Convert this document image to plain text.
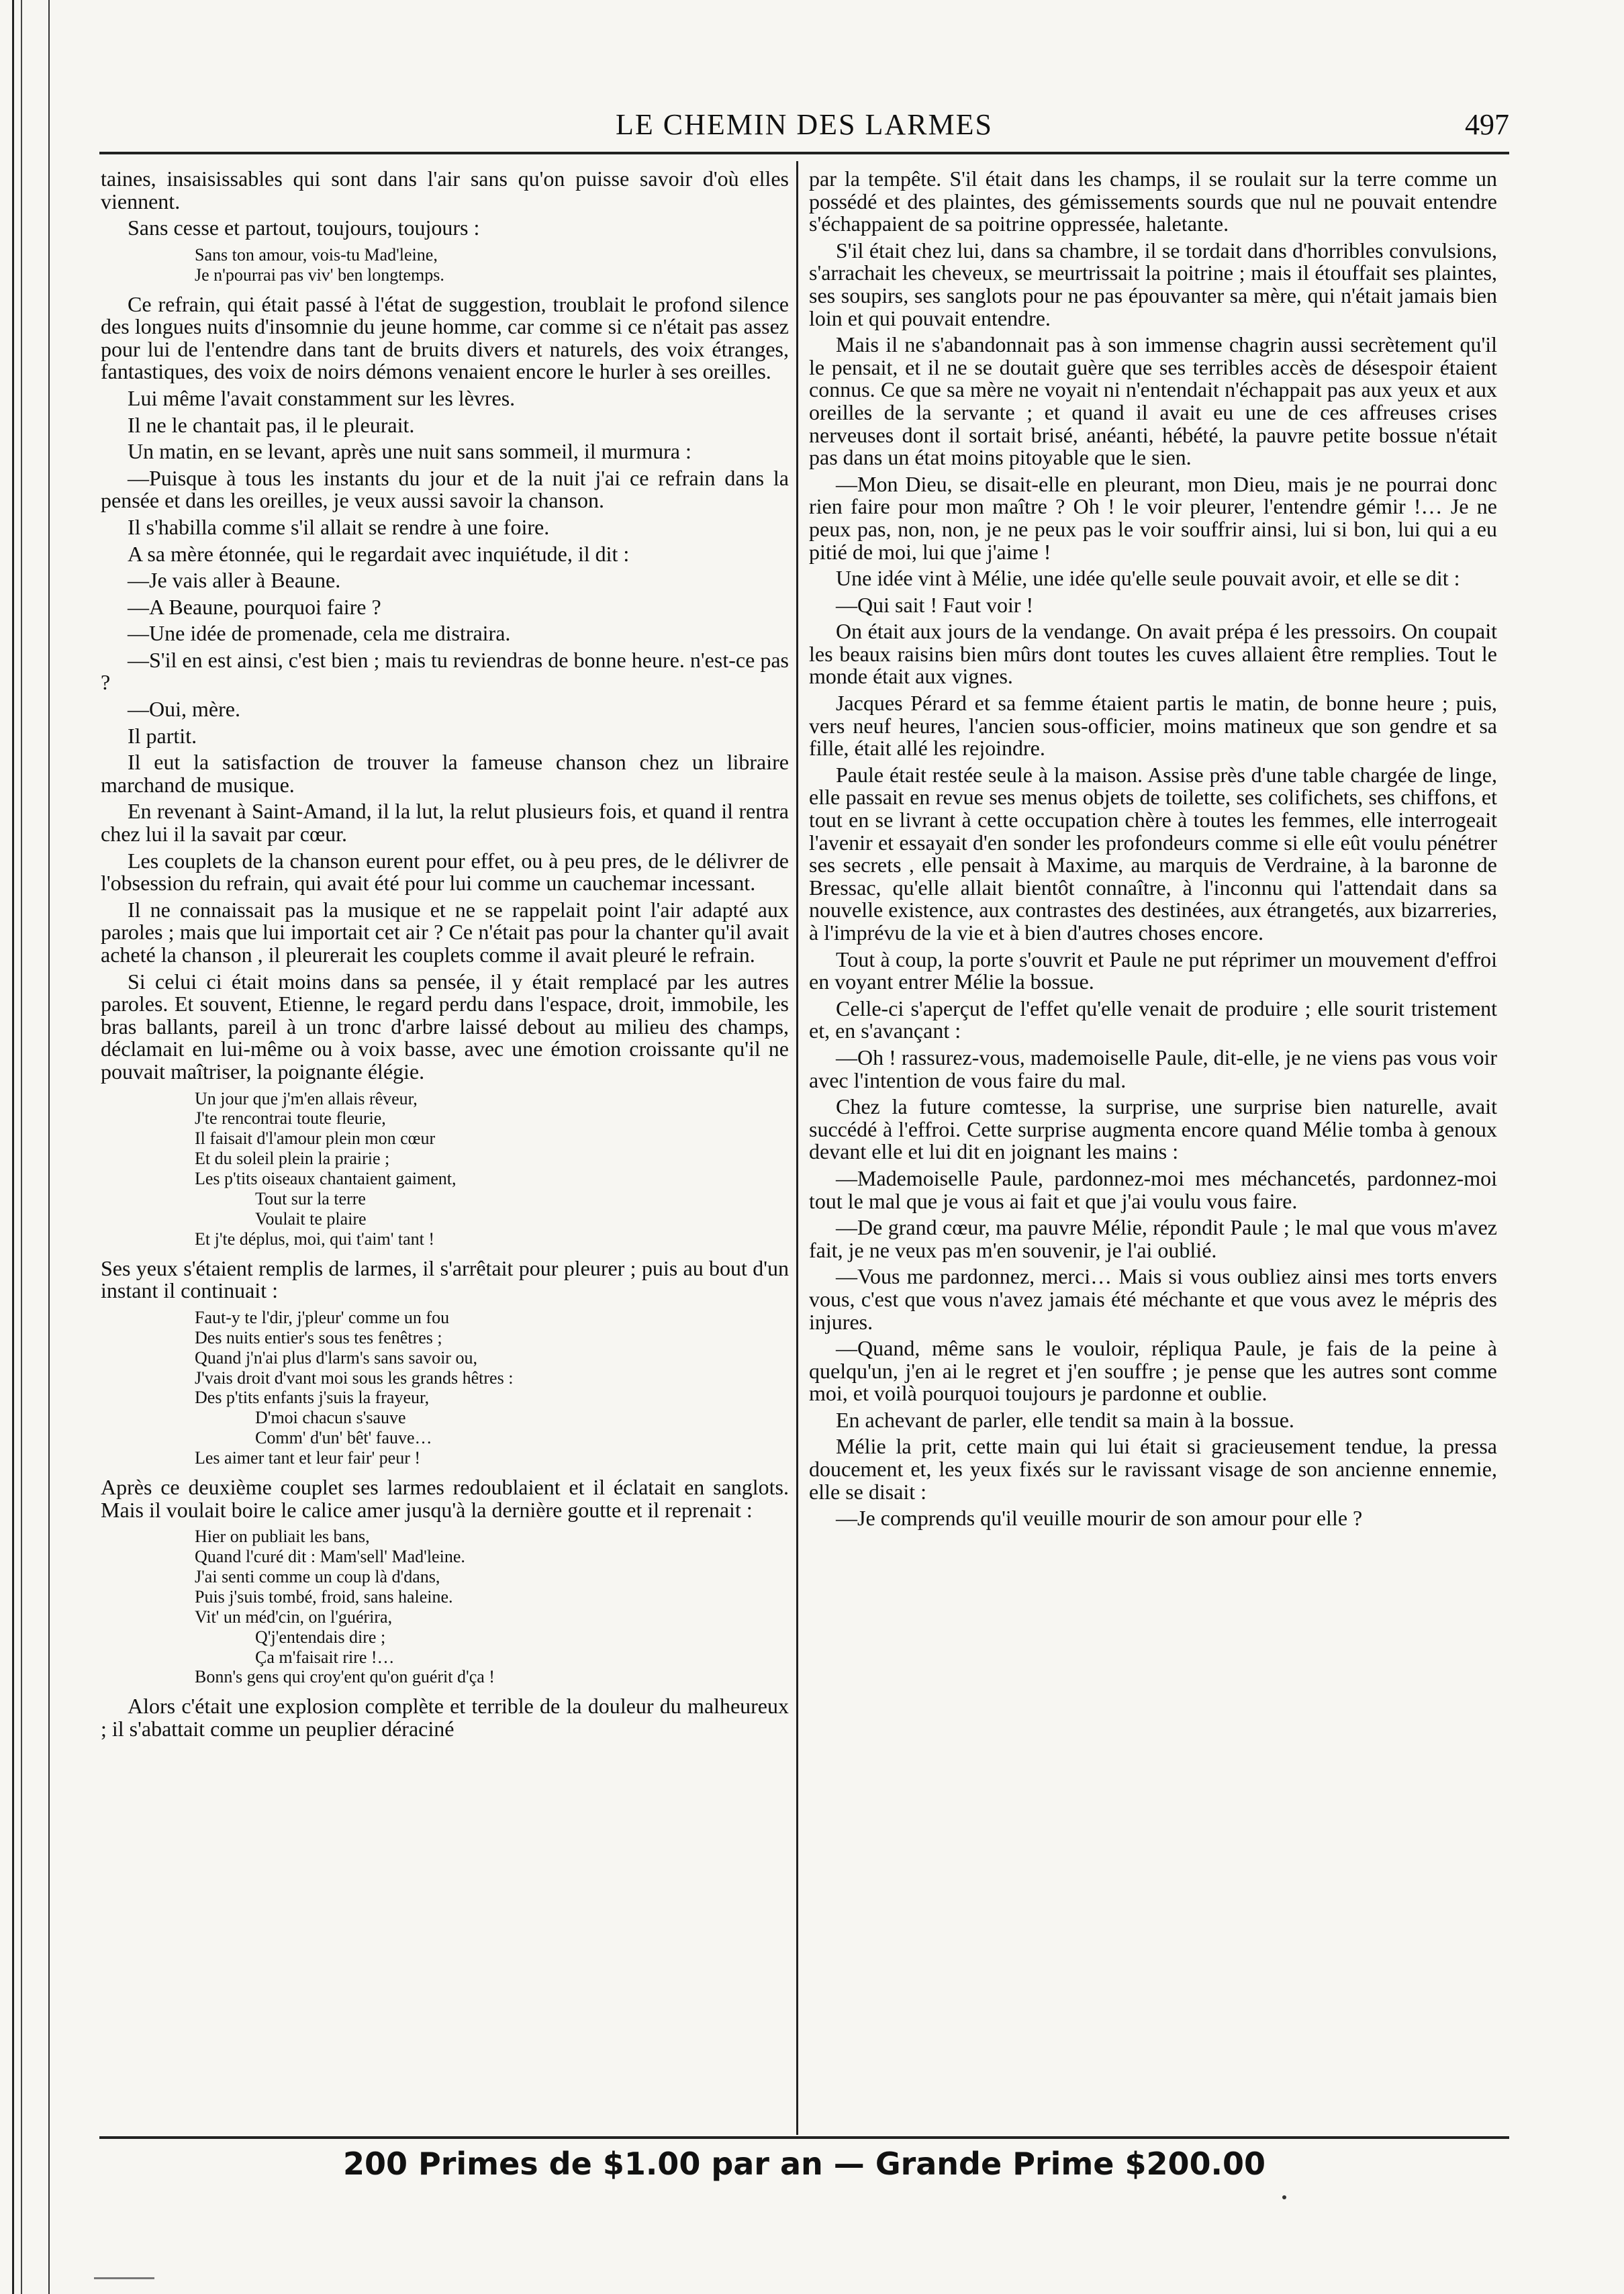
LE CHEMIN DES LARMES	497

taines, insaisissables qui sont dans l'air sans qu'on puisse savoir d'où elles viennent.

Sans cesse et partout, toujours, toujours :

Sans ton amour, vois-tu Mad'leine,
Je n'pourrai pas viv' ben longtemps.

Ce refrain, qui était passé à l'état de suggestion, troublait le profond silence des longues nuits d'insomnie du jeune homme, car comme si ce n'était pas assez pour lui de l'entendre dans tant de bruits divers et naturels, des voix étranges, fantastiques, des voix de noirs démons venaient encore le hurler à ses oreilles.

Lui même l'avait constamment sur les lèvres.

Il ne le chantait pas, il le pleurait.

Un matin, en se levant, après une nuit sans sommeil, il murmura :

—Puisque à tous les instants du jour et de la nuit j'ai ce refrain dans la pensée et dans les oreilles, je veux aussi savoir la chanson.

Il s'habilla comme s'il allait se rendre à une foire.

A sa mère étonnée, qui le regardait avec inquiétude, il dit :

—Je vais aller à Beaune.

—A Beaune, pourquoi faire ?

—Une idée de promenade, cela me distraira.

—S'il en est ainsi, c'est bien ; mais tu reviendras de bonne heure. n'est-ce pas ?

—Oui, mère.

Il partit.

Il eut la satisfaction de trouver la fameuse chanson chez un libraire marchand de musique.

En revenant à Saint-Amand, il la lut, la relut plusieurs fois, et quand il rentra chez lui il la savait par cœur.

Les couplets de la chanson eurent pour effet, ou à peu pres, de le délivrer de l'obsession du refrain, qui avait été pour lui comme un cauchemar incessant.

Il ne connaissait pas la musique et ne se rappelait point l'air adapté aux paroles ; mais que lui importait cet air ? Ce n'était pas pour la chanter qu'il avait acheté la chanson , il pleurerait les couplets comme il avait pleuré le refrain.

Si celui ci était moins dans sa pensée, il y était remplacé par les autres paroles. Et souvent, Etienne, le regard perdu dans l'espace, droit, immobile, les bras ballants, pareil à un tronc d'arbre laissé debout au milieu des champs, déclamait en lui-même ou à voix basse, avec une émotion croissante qu'il ne pouvait maîtriser, la poignante élégie.

Un jour que j'm'en allais rêveur,
J'te rencontrai toute fleurie,
Il faisait d'l'amour plein mon cœur
Et du soleil plein la prairie ;
Les p'tits oiseaux chantaient gaiment,
Tout sur la terre
Voulait te plaire
Et j'te déplus, moi, qui t'aim' tant !

Ses yeux s'étaient remplis de larmes, il s'arrêtait pour pleurer ; puis au bout d'un instant il continuait :

Faut-y te l'dir, j'pleur' comme un fou
Des nuits entier's sous tes fenêtres ;
Quand j'n'ai plus d'larm's sans savoir ou,
J'vais droit d'vant moi sous les grands hêtres :
Des p'tits enfants j'suis la frayeur,
D'moi chacun s'sauve
Comm' d'un' bêt' fauve…
Les aimer tant et leur fair' peur !

Après ce deuxième couplet ses larmes redoublaient et il éclatait en sanglots. Mais il voulait boire le calice amer jusqu'à la dernière goutte et il reprenait :

Hier on publiait les bans,
Quand l'curé dit : Mam'sell' Mad'leine.
J'ai senti comme un coup là d'dans,
Puis j'suis tombé, froid, sans haleine.
Vit' un méd'cin, on l'guérira,
Q'j'entendais dire ;
Ça m'faisait rire !…
Bonn's gens qui croy'ent qu'on guérit d'ça !

Alors c'était une explosion complète et terrible de la douleur du malheureux ; il s'abattait comme un peuplier déraciné

par la tempête. S'il était dans les champs, il se roulait sur la terre comme un possédé et des plaintes, des gémissements sourds que nul ne pouvait entendre s'échappaient de sa poitrine oppressée, haletante.

S'il était chez lui, dans sa chambre, il se tordait dans d'horribles convulsions, s'arrachait les cheveux, se meurtrissait la poitrine ; mais il étouffait ses plaintes, ses soupirs, ses sanglots pour ne pas épouvanter sa mère, qui n'était jamais bien loin et qui pouvait entendre.

Mais il ne s'abandonnait pas à son immense chagrin aussi secrètement qu'il le pensait, et il ne se doutait guère que ses terribles accès de désespoir étaient connus. Ce que sa mère ne voyait ni n'entendait n'échappait pas aux yeux et aux oreilles de la servante ; et quand il avait eu une de ces affreuses crises nerveuses dont il sortait brisé, anéanti, hébété, la pauvre petite bossue n'était pas dans un état moins pitoyable que le sien.

—Mon Dieu, se disait-elle en pleurant, mon Dieu, mais je ne pourrai donc rien faire pour mon maître ? Oh ! le voir pleurer, l'entendre gémir !… Je ne peux pas, non, non, je ne peux pas le voir souffrir ainsi, lui si bon, lui qui a eu pitié de moi, lui que j'aime !

Une idée vint à Mélie, une idée qu'elle seule pouvait avoir, et elle se dit :

—Qui sait ! Faut voir !

On était aux jours de la vendange. On avait prépa é les pressoirs. On coupait les beaux raisins bien mûrs dont toutes les cuves allaient être remplies. Tout le monde était aux vignes.

Jacques Pérard et sa femme étaient partis le matin, de bonne heure ; puis, vers neuf heures, l'ancien sous-officier, moins matineux que son gendre et sa fille, était allé les rejoindre.

Paule était restée seule à la maison. Assise près d'une table chargée de linge, elle passait en revue ses menus objets de toilette, ses colifichets, ses chiffons, et tout en se livrant à cette occupation chère à toutes les femmes, elle interrogeait l'avenir et essayait d'en sonder les profondeurs comme si elle eût voulu pénétrer ses secrets , elle pensait à Maxime, au marquis de Verdraine, à la baronne de Bressac, qu'elle allait bientôt connaître, à l'inconnu qui l'attendait dans sa nouvelle existence, aux contrastes des destinées, aux étrangetés, aux bizarreries, à l'imprévu de la vie et à bien d'autres choses encore.

Tout à coup, la porte s'ouvrit et Paule ne put réprimer un mouvement d'effroi en voyant entrer Mélie la bossue.

Celle-ci s'aperçut de l'effet qu'elle venait de produire ; elle sourit tristement et, en s'avançant :

—Oh ! rassurez-vous, mademoiselle Paule, dit-elle, je ne viens pas vous voir avec l'intention de vous faire du mal.

Chez la future comtesse, la surprise, une surprise bien naturelle, avait succédé à l'effroi. Cette surprise augmenta encore quand Mélie tomba à genoux devant elle et lui dit en joignant les mains :

—Mademoiselle Paule, pardonnez-moi mes méchancetés, pardonnez-moi tout le mal que je vous ai fait et que j'ai voulu vous faire.

—De grand cœur, ma pauvre Mélie, répondit Paule ; le mal que vous m'avez fait, je ne veux pas m'en souvenir, je l'ai oublié.

—Vous me pardonnez, merci… Mais si vous oubliez ainsi mes torts envers vous, c'est que vous n'avez jamais été méchante et que vous avez le mépris des injures.

—Quand, même sans le vouloir, répliqua Paule, je fais de la peine à quelqu'un, j'en ai le regret et j'en souffre ; je pense que les autres sont comme moi, et voilà pourquoi toujours je pardonne et oublie.

En achevant de parler, elle tendit sa main à la bossue.

Mélie la prit, cette main qui lui était si gracieusement tendue, la pressa doucement et, les yeux fixés sur le ravissant visage de son ancienne ennemie, elle se disait :

—Je comprends qu'il veuille mourir de son amour pour elle ?

200 Primes de $1.00 par an — Grande Prime $200.00
